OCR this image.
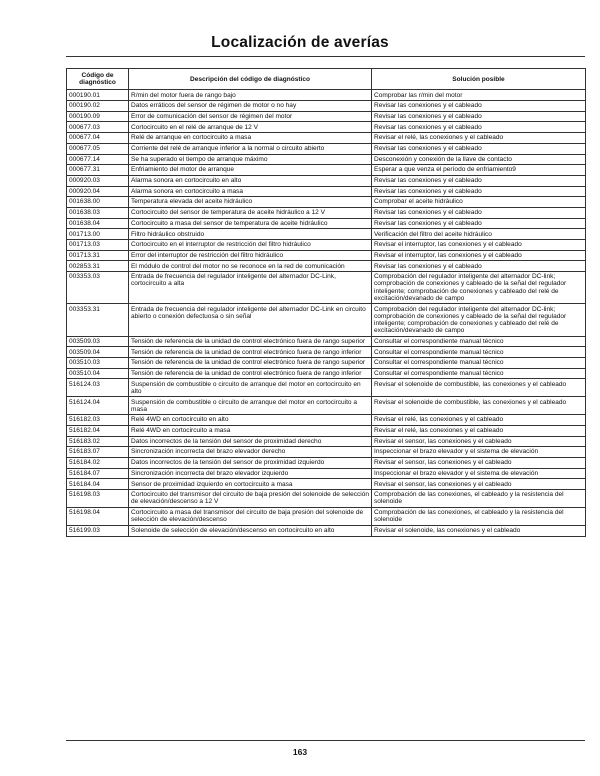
Localización de averías
Código de diagnóstico	Descripción del código de diagnóstico	Solución posible
000190.01	R/min del motor fuera de rango bajo	Comprobar las r/min del motor
000190.02	Datos erráticos del sensor de régimen de motor o no hay	Revisar las conexiones y el cableado
000190.09	Error de comunicación del sensor de régimen del motor	Revisar las conexiones y el cableado
000677.03	Cortocircuito en el relé de arranque de 12 V	Revisar las conexiones y el cableado
000677.04	Relé de arranque en cortocircuito a masa	Revisar el relé, las conexiones y el cableado
000677.05	Corriente del relé de arranque inferior a la normal o circuito abierto	Revisar las conexiones y el cableado
000677.14	Se ha superado el tiempo de arranque máximo	Desconexión y conexión de la llave de contacto
000677.31	Enfriamiento del motor de arranque	Esperar a que venza el período de enfriamiento9
000920.03	Alarma sonora en cortocircuito en alto	Revisar las conexiones y el cableado
000920.04	Alarma sonora en cortocircuito a masa	Revisar las conexiones y el cableado
001638.00	Temperatura elevada del aceite hidráulico	Comprobar el aceite hidráulico
001638.03	Cortocircuito del sensor de temperatura de aceite hidráulico a 12 V	Revisar las conexiones y el cableado
001638.04	Cortocircuito a masa del sensor de temperatura de aceite hidráulico	Revisar las conexiones y el cableado
001713.00	Filtro hidráulico obstruido	Verificación del filtro del aceite hidráulico
001713.03	Cortocircuito en el interruptor de restricción del filtro hidráulico	Revisar el interruptor, las conexiones y el cableado
001713.31	Error del interruptor de restricción del filtro hidráulico	Revisar el interruptor, las conexiones y el cableado
002853.31	El módulo de control del motor no se reconoce en la red de comunicación	Revisar las conexiones y el cableado
003353.03	Entrada de frecuencia del regulador inteligente del alternador DC-Link, cortocircuito a alta	Comprobación del regulador inteligente del alternador DC-link; comprobación de conexiones y cableado de la señal del regulador inteligente; comprobación de conexiones y cableado del relé de excitación/devanado de campo
003353.31	Entrada de frecuencia del regulador inteligente del alternador DC-Link en circuito abierto o conexión defectuosa o sin señal	Comprobación del regulador inteligente del alternador DC-link; comprobación de conexiones y cableado de la señal del regulador inteligente; comprobación de conexiones y cableado del relé de excitación/devanado de campo
003509.03	Tensión de referencia de la unidad de control electrónico fuera de rango superior	Consultar el correspondiente manual técnico
003509.04	Tensión de referencia de la unidad de control electrónico fuera de rango inferior	Consultar el correspondiente manual técnico
003510.03	Tensión de referencia de la unidad de control electrónico fuera de rango superior	Consultar el correspondiente manual técnico
003510.04	Tensión de referencia de la unidad de control electrónico fuera de rango inferior	Consultar el correspondiente manual técnico
516124.03	Suspensión de combustible o circuito de arranque del motor en cortocircuito en alto	Revisar el solenoide de combustible, las conexiones y el cableado
516124.04	Suspensión de combustible o circuito de arranque del motor en cortocircuito a masa	Revisar el solenoide de combustible, las conexiones y el cableado
516182.03	Relé 4WD en cortocircuito en alto	Revisar el relé, las conexiones y el cableado
516182.04	Relé 4WD en cortocircuito a masa	Revisar el relé, las conexiones y el cableado
516183.02	Datos incorrectos de la tensión del sensor de proximidad derecho	Revisar el sensor, las conexiones y el cableado
516183.07	Sincronización incorrecta del brazo elevador derecho	Inspeccionar el brazo elevador y el sistema de elevación
516184.02	Datos incorrectos de la tensión del sensor de proximidad izquierdo	Revisar el sensor, las conexiones y el cableado
516184.07	Sincronización incorrecta del brazo elevador izquierdo	Inspeccionar el brazo elevador y el sistema de elevación
516184.04	Sensor de proximidad izquierdo en cortocircuito a masa	Revisar el sensor, las conexiones y el cableado
516198.03	Cortocircuito del transmisor del circuito de baja presión del solenoide de selección de elevación/descenso a 12 V	Comprobación de las conexiones, el cableado y la resistencia del solenoide
516198.04	Cortocircuito a masa del transmisor del circuito de baja presión del solenoide de selección de elevación/descenso	Comprobación de las conexiones, el cableado y la resistencia del solenoide
516199.03	Solenoide de selección de elevación/descenso en cortocircuito en alto	Revisar el solenoide, las conexiones y el cableado
163
